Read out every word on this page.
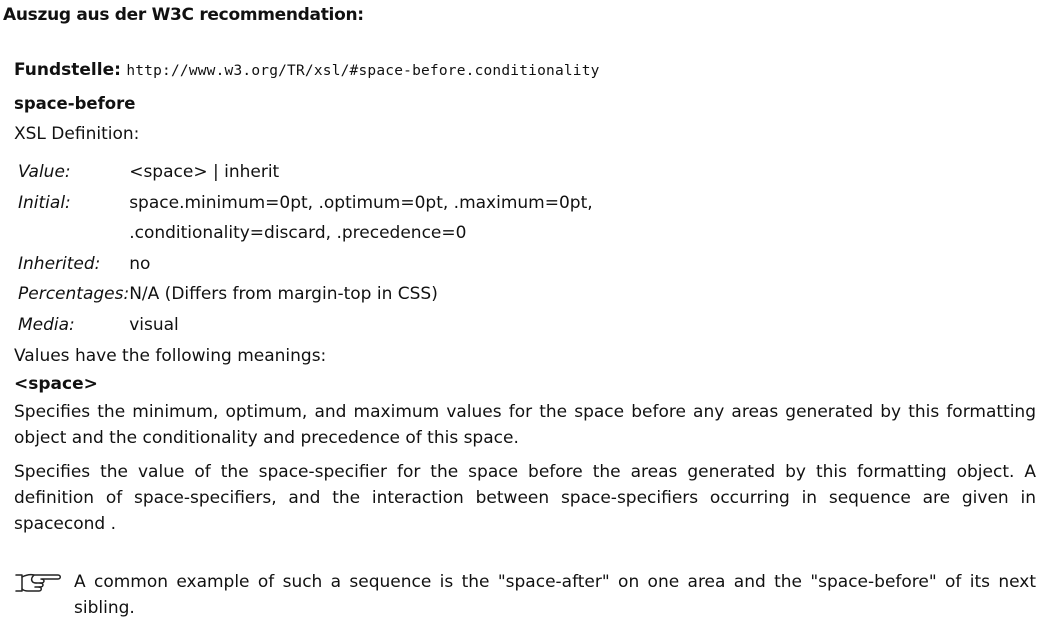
Auszug aus der W3C recommendation:
Fundstelle: http://www.w3.org/TR/xsl/#space-before.conditionality
space-before
XSL Definition:
Value:	<space> | inherit
Initial:	space.minimum=0pt, .optimum=0pt, .maximum=0pt,
.conditionality=discard, .precedence=0

Inherited:	no
Percentages:	N/A (Differs from margin-top in CSS)
Media:	visual
Values have the following meanings:
<space>
Specifies the minimum, optimum, and maximum values for the space before any areas generated by this formatting object and the conditionality and precedence of this space.
Specifies the value of the space-specifier for the space before the areas generated by this formatting object. A definition of space-specifiers, and the interaction between space-specifiers occurring in sequence are given in spacecond .
A common example of such a sequence is the "space-after" on one area and the "space-before" of its next sibling.
